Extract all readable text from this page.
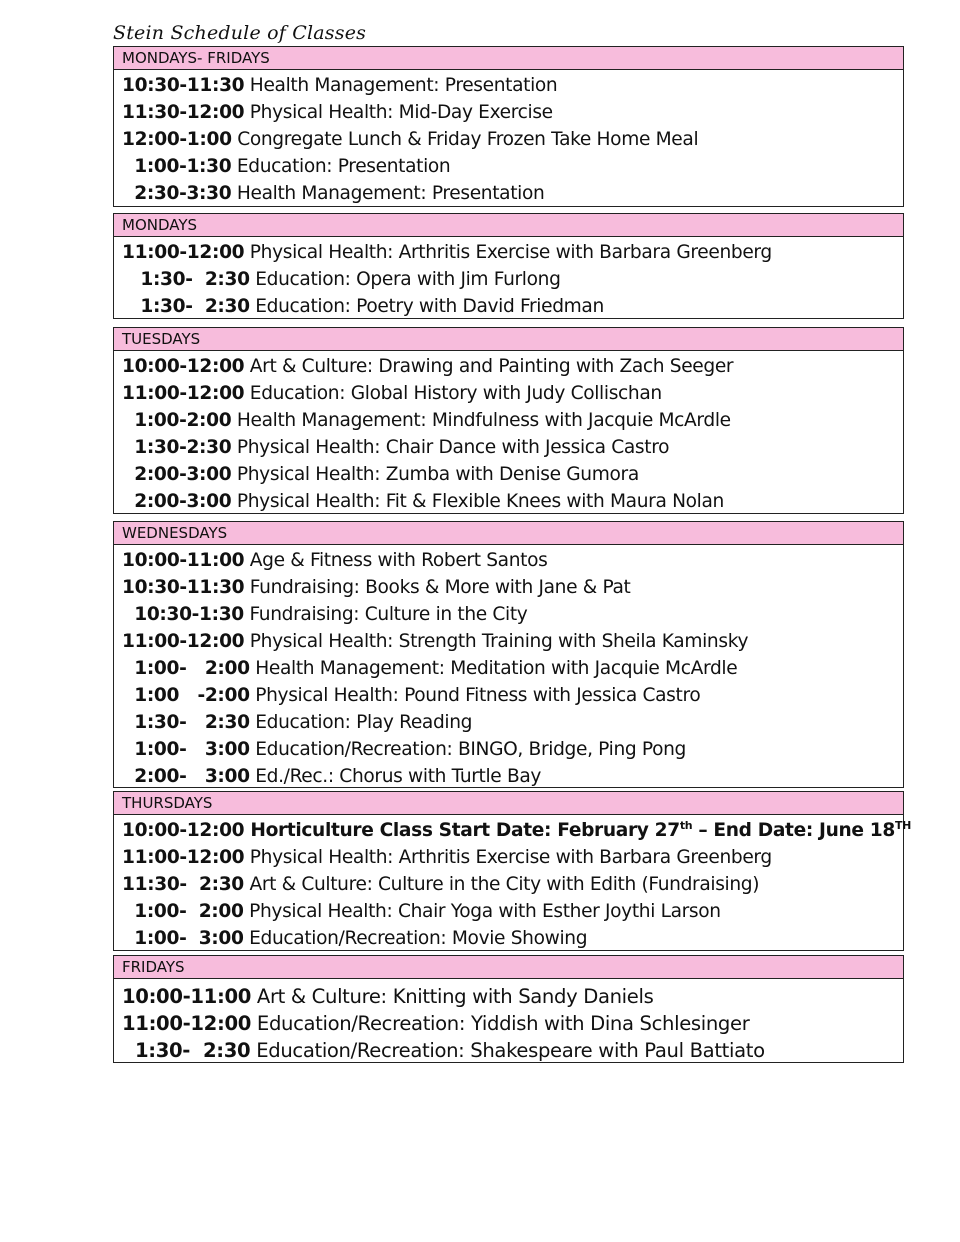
Stein Schedule of Classes
MONDAYS- FRIDAYS
10:30-11:30 Health Management: Presentation
11:30-12:00 Physical Health: Mid-Day Exercise
12:00-1:00 Congregate Lunch & Friday Frozen Take Home Meal
1:00-1:30 Education: Presentation
2:30-3:30 Health Management: Presentation
MONDAYS
11:00-12:00 Physical Health: Arthritis Exercise with Barbara Greenberg
1:30-  2:30 Education: Opera with Jim Furlong
1:30-  2:30 Education: Poetry with David Friedman
TUESDAYS
10:00-12:00 Art & Culture: Drawing and Painting with Zach Seeger
11:00-12:00 Education: Global History with Judy Collischan
1:00-2:00 Health Management: Mindfulness with Jacquie McArdle
1:30-2:30 Physical Health: Chair Dance with Jessica Castro
2:00-3:00 Physical Health: Zumba with Denise Gumora
2:00-3:00 Physical Health: Fit & Flexible Knees with Maura Nolan
WEDNESDAYS
10:00-11:00 Age & Fitness with Robert Santos
10:30-11:30 Fundraising: Books & More with Jane & Pat
10:30-1:30 Fundraising: Culture in the City
11:00-12:00 Physical Health: Strength Training with Sheila Kaminsky
1:00-   2:00 Health Management: Meditation with Jacquie McArdle
1:00   -2:00 Physical Health: Pound Fitness with Jessica Castro
1:30-   2:30 Education: Play Reading
1:00-   3:00 Education/Recreation: BINGO, Bridge, Ping Pong
2:00-   3:00 Ed./Rec.: Chorus with Turtle Bay
THURSDAYS
10:00-12:00 Horticulture Class Start Date: February 27th – End Date: June 18TH
11:00-12:00 Physical Health: Arthritis Exercise with Barbara Greenberg
11:30-  2:30 Art & Culture: Culture in the City with Edith (Fundraising)
1:00-  2:00 Physical Health: Chair Yoga with Esther Joythi Larson
1:00-  3:00 Education/Recreation: Movie Showing
FRIDAYS
10:00-11:00 Art & Culture: Knitting with Sandy Daniels
11:00-12:00 Education/Recreation: Yiddish with Dina Schlesinger
1:30-  2:30 Education/Recreation: Shakespeare with Paul Battiato
